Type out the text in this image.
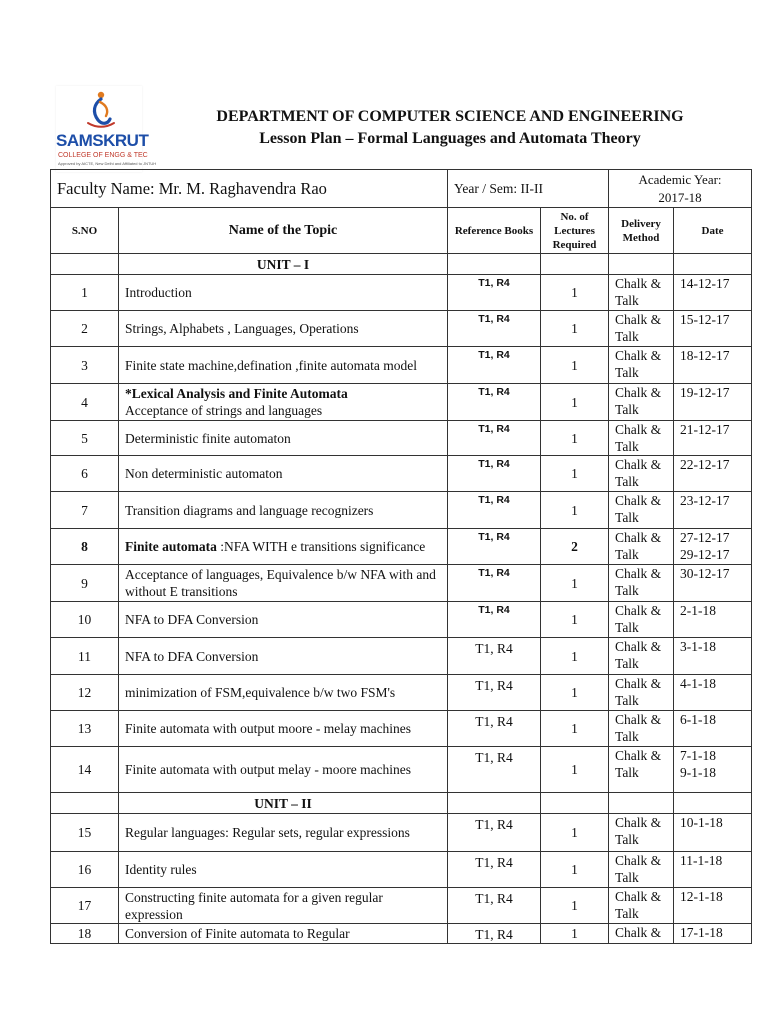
SAMSKRUT
COLLEGE OF ENGG & TEC
Approved by AICTE, New Delhi and Affiliated to JNTUH
DEPARTMENT OF COMPUTER SCIENCE AND ENGINEERING
Lesson Plan – Formal Languages and Automata Theory
Faculty Name: Mr. M. Raghavendra Rao		Year / Sem: II-II		Academic Year:
2017-18	

S.NO	Name of the Topic	Reference Books	No. of Lectures Required	Delivery Method	Date
	UNIT – I				
1	Introduction	T1, R4	1	Chalk & Talk	14-12-17

2	Strings, Alphabets , Languages, Operations	T1, R4	1	Chalk & Talk	15-12-17

3	Finite state machine,defination ,finite automata model	T1, R4	1	Chalk & Talk	18-12-17

4	*Lexical Analysis and Finite Automata
Acceptance of strings and languages	T1, R4	1	Chalk & Talk	19-12-17

5	Deterministic finite automaton	T1, R4	1	Chalk & Talk	21-12-17

6	Non deterministic automaton	T1, R4	1	Chalk & Talk	22-12-17

7	Transition diagrams and language recognizers	T1, R4	1	Chalk & Talk	23-12-17

8	Finite automata :NFA WITH e transitions significance	T1, R4	2	Chalk & Talk	27-12-17
29-12-17

9	Acceptance of languages, Equivalence b/w NFA with and without E transitions	T1, R4	1	Chalk & Talk	30-12-17

10	NFA to DFA Conversion	T1, R4	1	Chalk & Talk	2-1-18

11	NFA to DFA Conversion	T1, R4	1	Chalk & Talk	3-1-18

12	minimization of FSM,equivalence b/w two FSM's	T1, R4	1	Chalk & Talk	4-1-18

13	Finite automata with output moore - melay machines	T1, R4	1	Chalk & Talk	6-1-18

14	Finite automata with output melay - moore machines	T1, R4	1	Chalk & Talk	7-1-18
9-1-18

	UNIT – II				
15	Regular languages: Regular sets, regular expressions	T1, R4	1	Chalk & Talk	10-1-18

16	Identity rules	T1, R4	1	Chalk & Talk	11-1-18

17	Constructing finite automata for a given regular expression	T1, R4	1	Chalk & Talk	12-1-18

18	Conversion of Finite automata to Regular	T1, R4	1	Chalk &	17-1-18
